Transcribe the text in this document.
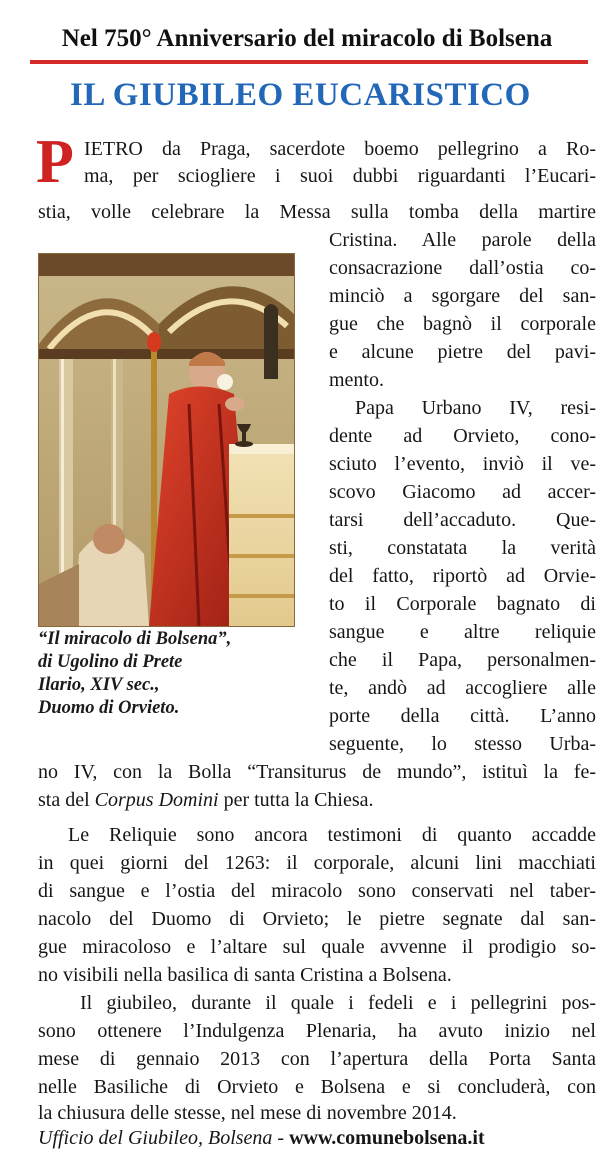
Nel 750° Anniversario del miracolo di Bolsena
IL GIUBILEO EUCARISTICO
P IETRO da Praga, sacerdote boemo pellegrino a Ro-
ma, per sciogliere i suoi dubbi riguardanti l’Eucari-
stia, volle celebrare la Messa sulla tomba della martire
Cristina. Alle parole della
consacrazione dall’ostia co-
minciò a sgorgare del san-
gue che bagnò il corporale
e alcune pietre del pavi-
mento.
Papa Urbano IV, resi-
dente ad Orvieto, cono-
sciuto l’evento, inviò il ve-
scovo Giacomo ad accer-
tarsi dell’accaduto. Que-
sti, constatata la verità
del fatto, riportò ad Orvie-
to il Corporale bagnato di
sangue e altre reliquie
che il Papa, personalmen-
te, andò ad accogliere alle
porte della città. L’anno
seguente, lo stesso Urba-
no IV, con la Bolla “Transiturus de mundo”, istituì la fe-
sta del Corpus Domini per tutta la Chiesa.
Le Reliquie sono ancora testimoni di quanto accadde
in quei giorni del 1263: il corporale, alcuni lini macchiati
di sangue e l’ostia del miracolo sono conservati nel taber-
nacolo del Duomo di Orvieto; le pietre segnate dal san-
gue miracoloso e l’altare sul quale avvenne il prodigio so-
no visibili nella basilica di santa Cristina a Bolsena.
Il giubileo, durante il quale i fedeli e i pellegrini pos-
sono ottenere l’Indulgenza Plenaria, ha avuto inizio nel
mese di gennaio 2013 con l’apertura della Porta Santa
nelle Basiliche di Orvieto e Bolsena e si concluderà, con
la chiusura delle stesse, nel mese di novembre 2014.
“Il miracolo di Bolsena”,
di Ugolino di Prete
Ilario, XIV sec.,
Duomo di Orvieto.
Ufficio del Giubileo, Bolsena - www.comunebolsena.it
